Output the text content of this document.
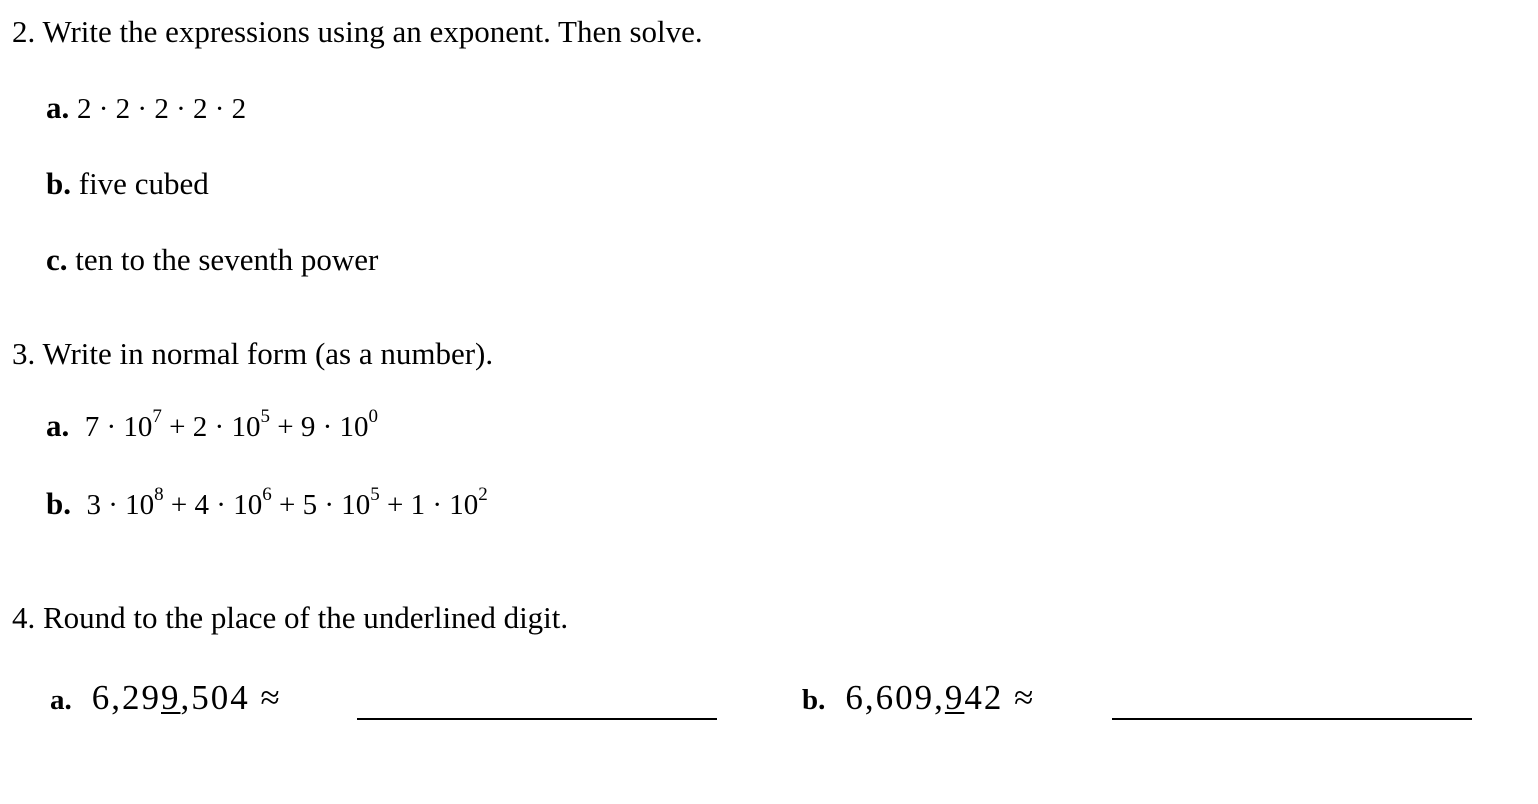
2. Write the expressions using an exponent. Then solve.
a. 2 · 2 · 2 · 2 · 2
b. five cubed
c. ten to the seventh power
3. Write in normal form (as a number).
a. $7 \cdot 10^7 + 2 \cdot 10^5 + 9 \cdot 10^0$
b. $3 \cdot 10^8 + 4 \cdot 10^6 + 5 \cdot 10^5 + 1 \cdot 10^2$
4. Round to the place of the underlined digit.
a. 6,299,504 ≈	b. 6,609,942 ≈
